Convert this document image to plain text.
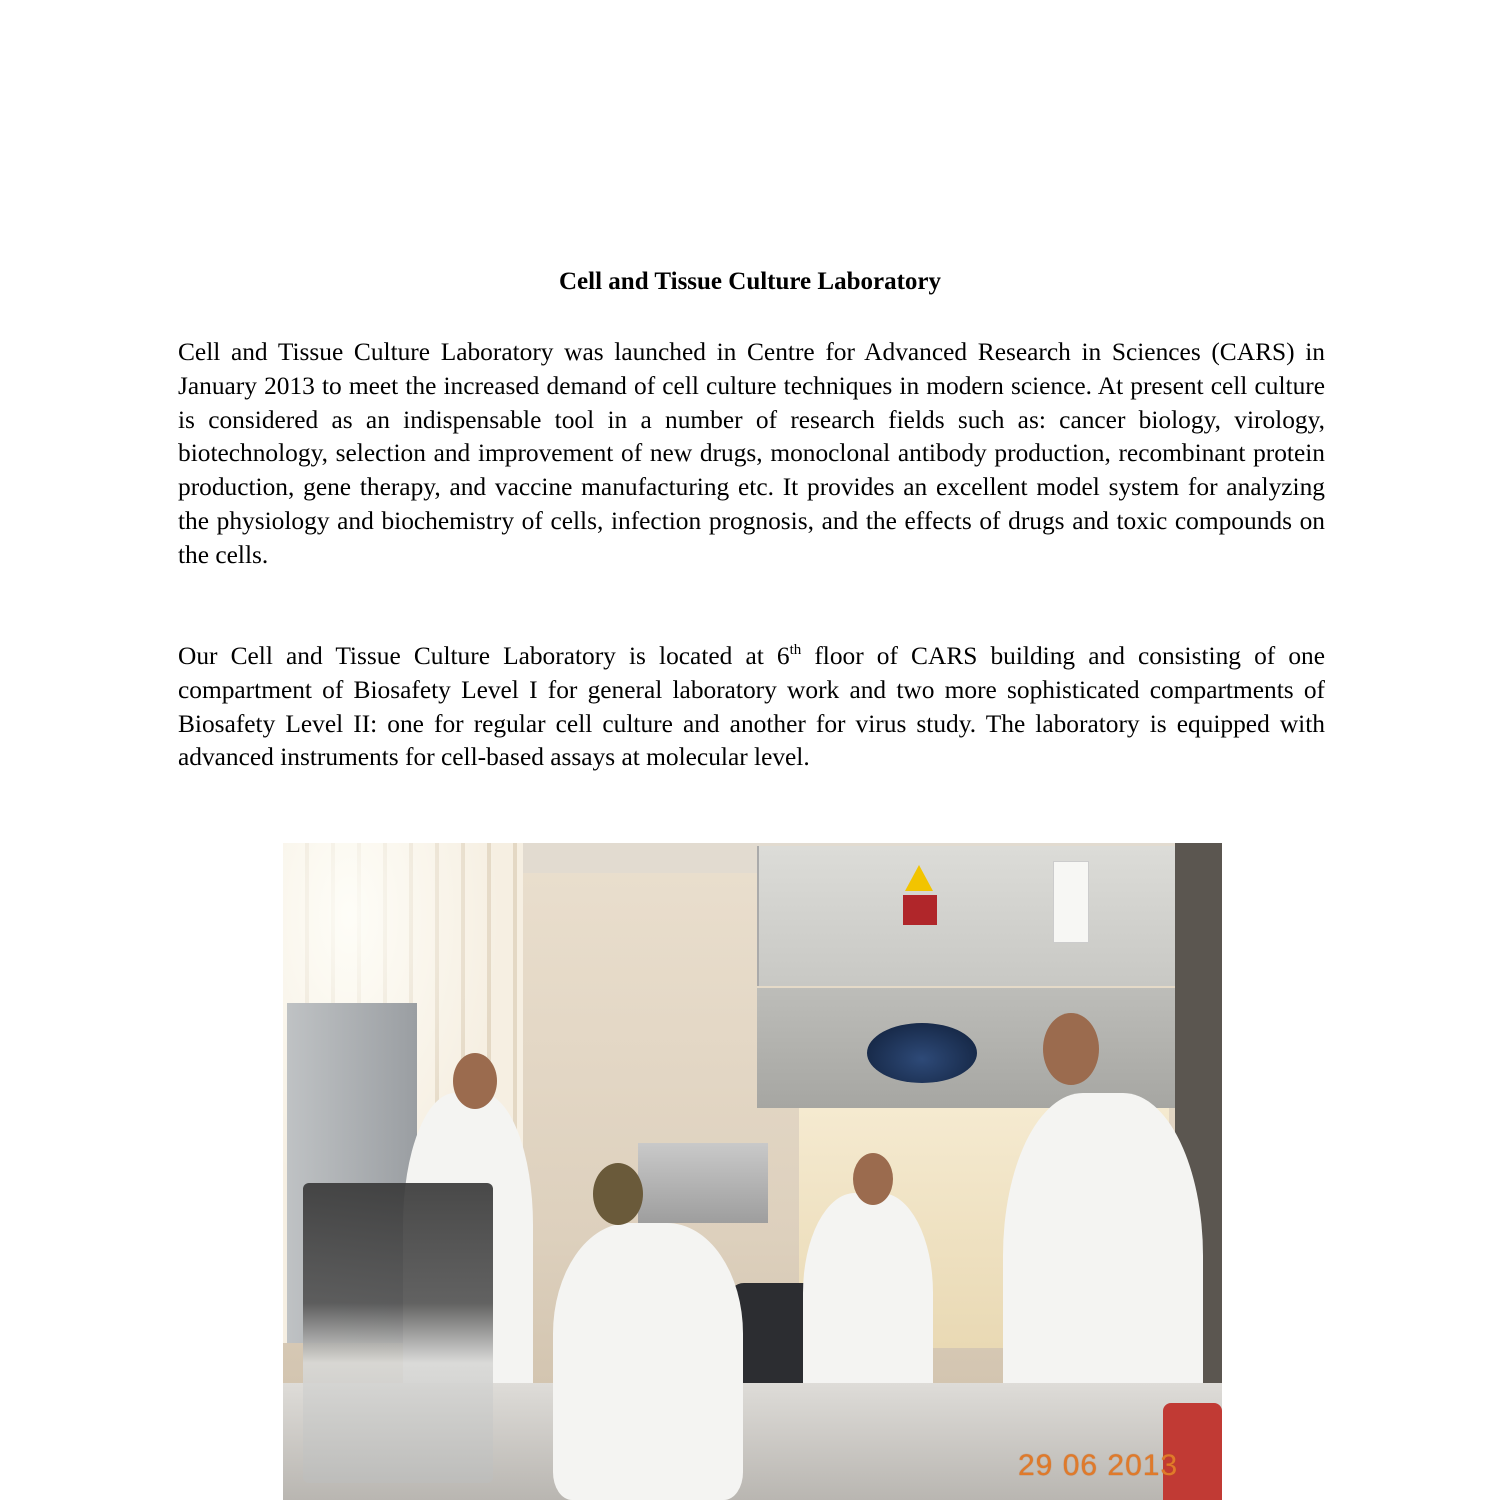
Cell and Tissue Culture Laboratory

Cell and Tissue Culture Laboratory was launched in Centre for Advanced Research in Sciences (CARS) in January 2013 to meet the increased demand of cell culture techniques in modern science. At present cell culture is considered as an indispensable tool in a number of research fields such as: cancer biology, virology, biotechnology, selection and improvement of new drugs, monoclonal antibody production, recombinant protein production, gene therapy, and vaccine manufacturing etc. It provides an excellent model system for analyzing the physiology and biochemistry of cells, infection prognosis, and the effects of drugs and toxic compounds on the cells.

Our Cell and Tissue Culture Laboratory is located at 6th floor of CARS building and consisting of one compartment of Biosafety Level I for general laboratory work and two more sophisticated compartments of Biosafety Level II: one for regular cell culture and another for virus study. The laboratory is equipped with advanced instruments for cell-based assays at molecular level.

29 06 2013
